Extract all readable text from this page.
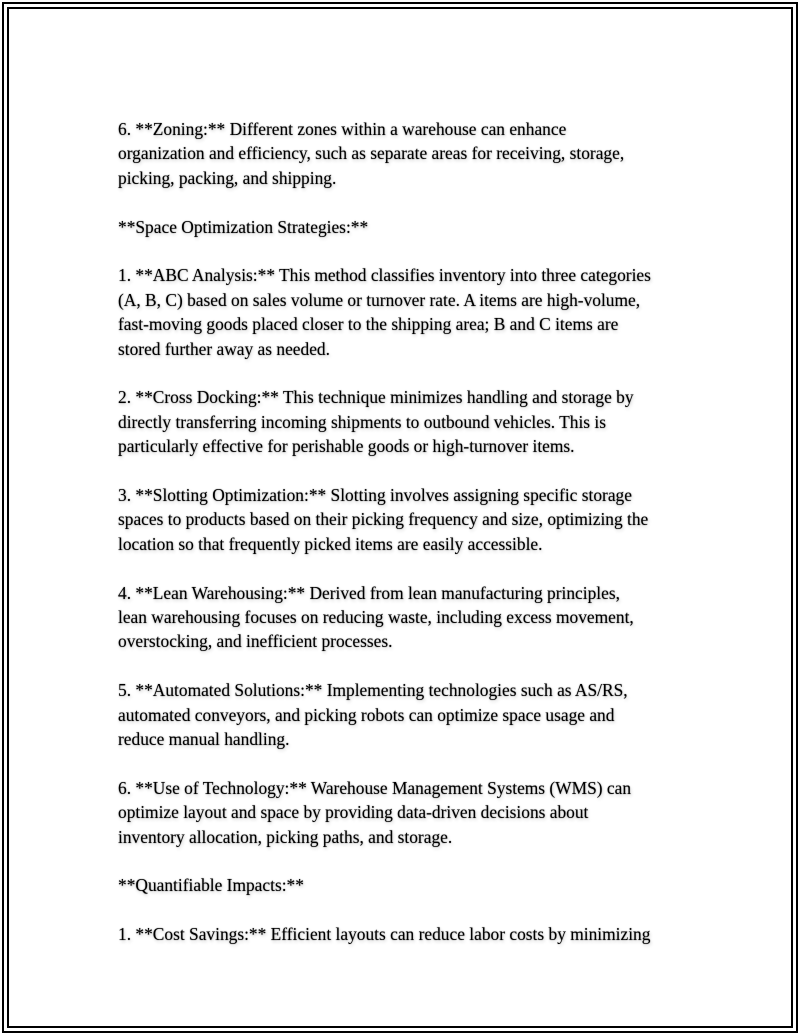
6. **Zoning:** Different zones within a warehouse can enhance
organization and efficiency, such as separate areas for receiving, storage,
picking, packing, and shipping.
**Space Optimization Strategies:**
1. **ABC Analysis:** This method classifies inventory into three categories
(A, B, C) based on sales volume or turnover rate. A items are high-volume,
fast-moving goods placed closer to the shipping area; B and C items are
stored further away as needed.
2. **Cross Docking:** This technique minimizes handling and storage by
directly transferring incoming shipments to outbound vehicles. This is
particularly effective for perishable goods or high-turnover items.
3. **Slotting Optimization:** Slotting involves assigning specific storage
spaces to products based on their picking frequency and size, optimizing the
location so that frequently picked items are easily accessible.
4. **Lean Warehousing:** Derived from lean manufacturing principles,
lean warehousing focuses on reducing waste, including excess movement,
overstocking, and inefficient processes.
5. **Automated Solutions:** Implementing technologies such as AS/RS,
automated conveyors, and picking robots can optimize space usage and
reduce manual handling.
6. **Use of Technology:** Warehouse Management Systems (WMS) can
optimize layout and space by providing data-driven decisions about
inventory allocation, picking paths, and storage.
**Quantifiable Impacts:**
1. **Cost Savings:** Efficient layouts can reduce labor costs by minimizing
